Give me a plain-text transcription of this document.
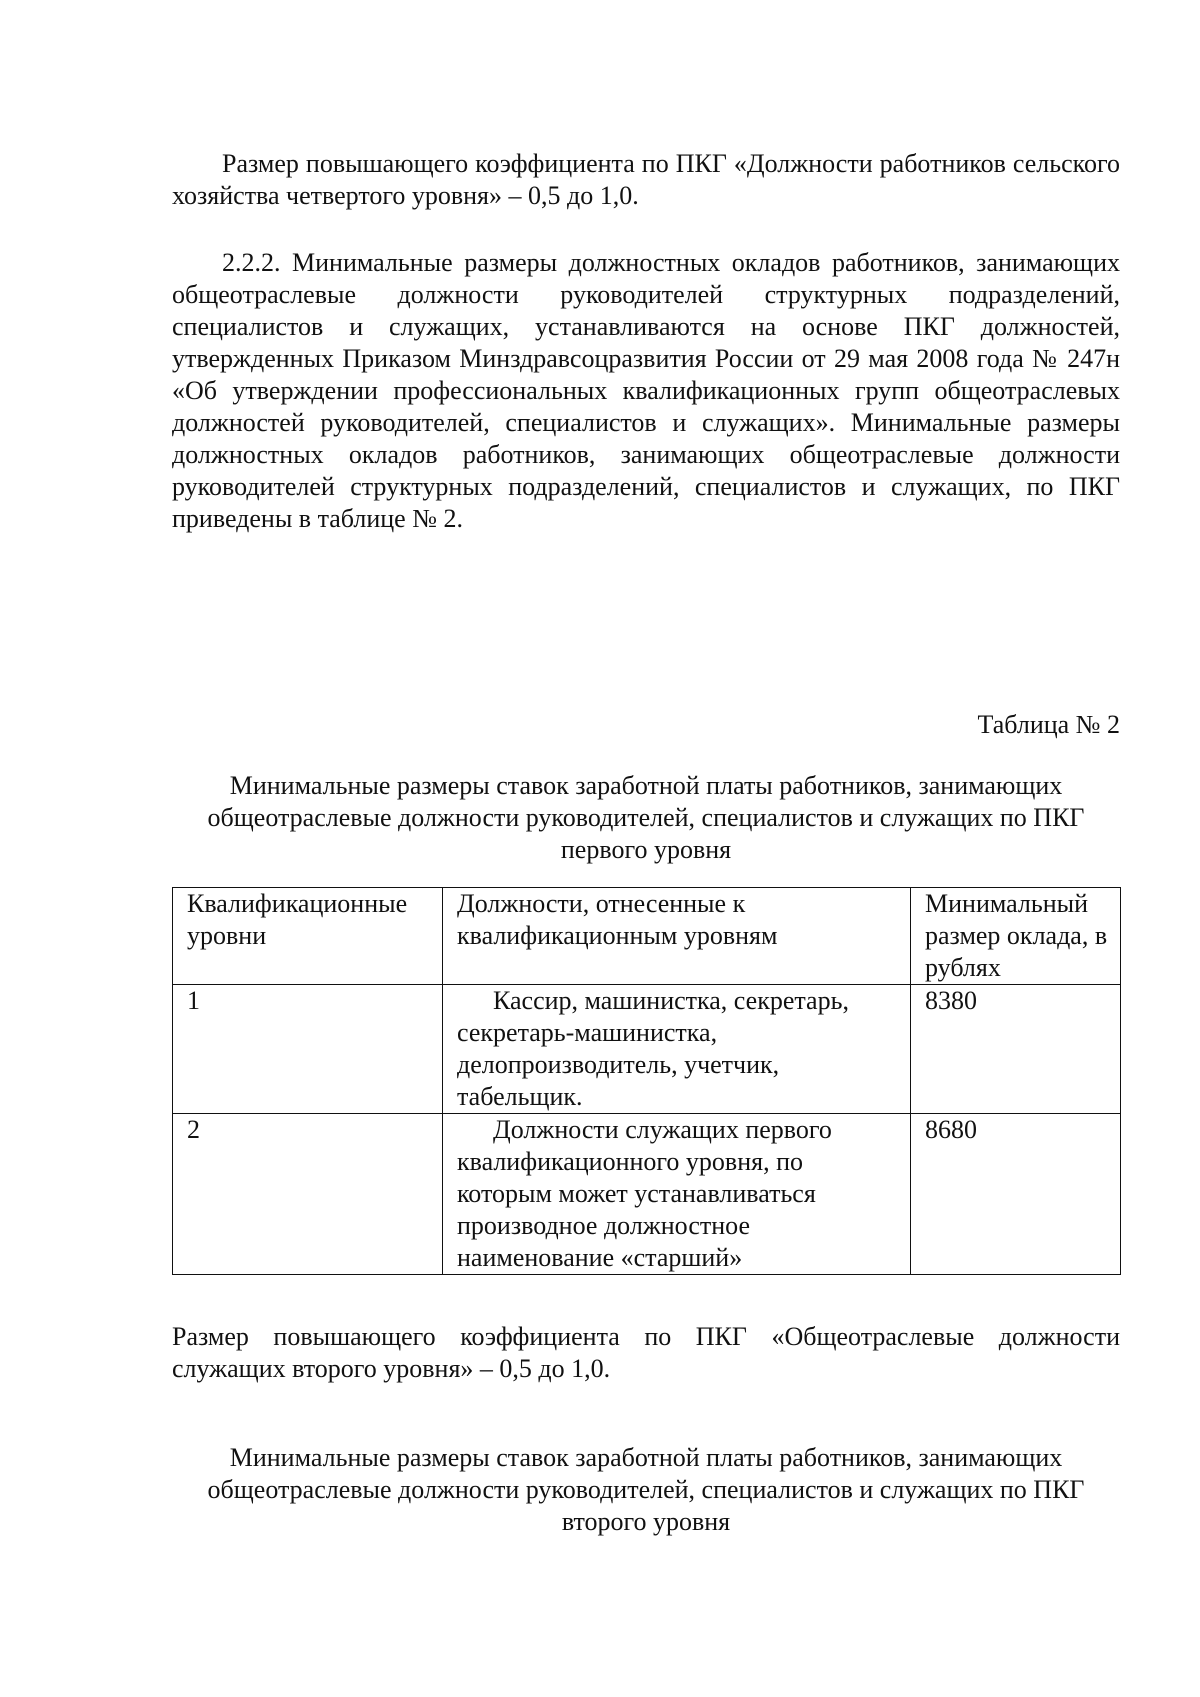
Размер повышающего коэффициента по ПКГ «Должности работников сельского хозяйства четвертого уровня» – 0,5 до 1,0.

2.2.2. Минимальные размеры должностных окладов работников, занимающих общеотраслевые должности руководителей структурных подразделений, специалистов и служащих, устанавливаются на основе ПКГ должностей, утвержденных Приказом Минздравсоцразвития России от 29 мая 2008 года № 247н «Об утверждении профессиональных квалификационных групп общеотраслевых должностей руководителей, специалистов и служащих». Минимальные размеры должностных окладов работников, занимающих общеотраслевые должности руководителей структурных подразделений, специалистов и служащих, по ПКГ приведены в таблице № 2.

Таблица № 2

Минимальные размеры ставок заработной платы работников, занимающих общеотраслевые должности руководителей, специалистов и служащих по ПКГ первого уровня

Квалификационные уровни	Должности, отнесенные к квалификационным уровням	Минимальный размер оклада, в рублях
1	Кассир, машинистка, секретарь, секретарь-машинистка, делопроизводитель, учетчик, табельщик.	8380
2	Должности служащих первого квалификационного уровня, по которым может устанавливаться производное должностное наименование «старший»	8680

Размер повышающего коэффициента по ПКГ «Общеотраслевые должности служащих второго уровня» – 0,5 до 1,0.

Минимальные размеры ставок заработной платы работников, занимающих общеотраслевые должности руководителей, специалистов и служащих по ПКГ второго уровня
